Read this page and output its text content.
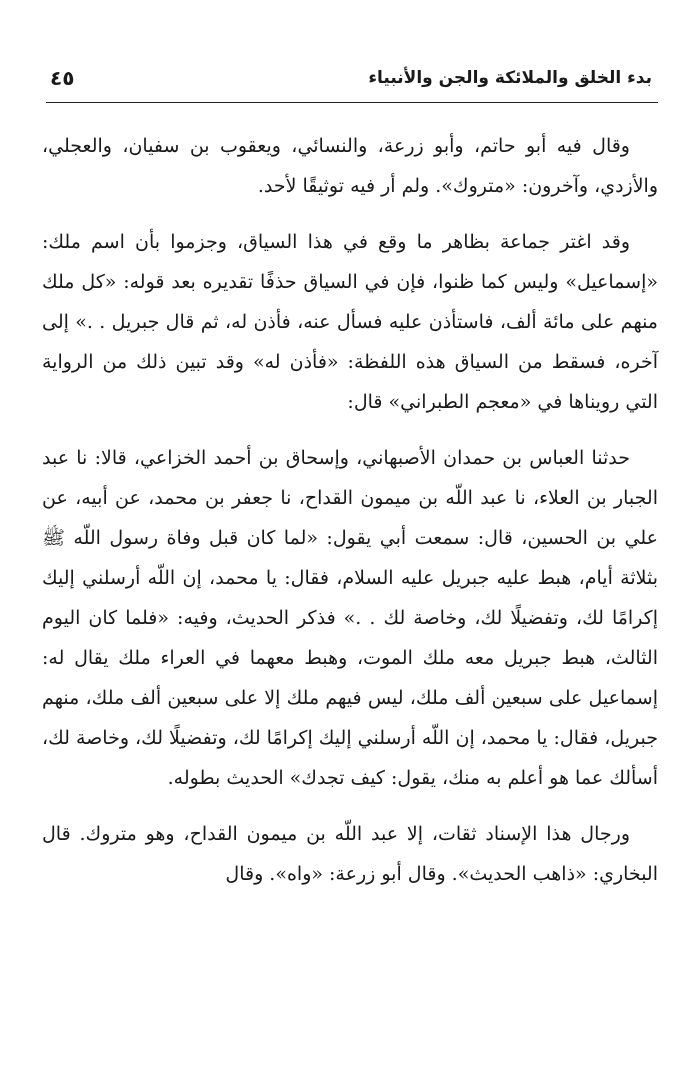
بدء الخلق والملائكة والجن والأنبياء
٤٥

وقال فيه أبو حاتم، وأبو زرعة، والنسائي، ويعقوب بن سفيان، والعجلي، والأزدي، وآخرون: «متروك». ولم أر فيه توثيقًا لأحد.

وقد اغتر جماعة بظاهر ما وقع في هذا السياق، وجزموا بأن اسم ملك: «إسماعيل» وليس كما ظنوا، فإن في السياق حذفًا تقديره بعد قوله: «كل ملك منهم على مائة ألف، فاستأذن عليه فسأل عنه، فأذن له، ثم قال جبريل . .» إلى آخره، فسقط من السياق هذه اللفظة: «فأذن له» وقد تبين ذلك من الرواية التي رويناها في «معجم الطبراني» قال:

حدثنا العباس بن حمدان الأصبهاني، وإسحاق بن أحمد الخزاعي، قالا: نا عبد الجبار بن العلاء، نا عبد اللّه بن ميمون القداح، نا جعفر بن محمد، عن أبيه، عن علي بن الحسين، قال: سمعت أبي يقول: «لما كان قبل وفاة رسول اللّه ﷺ بثلاثة أيام، هبط عليه جبريل عليه السلام، فقال: يا محمد، إن اللّه أرسلني إليك إكرامًا لك، وتفضيلًا لك، وخاصة لك . .» فذكر الحديث، وفيه: «فلما كان اليوم الثالث، هبط جبريل معه ملك الموت، وهبط معهما في العراء ملك يقال له: إسماعيل على سبعين ألف ملك، ليس فيهم ملك إلا على سبعين ألف ملك، منهم جبريل، فقال: يا محمد، إن اللّه أرسلني إليك إكرامًا لك، وتفضيلًا لك، وخاصة لك، أسألك عما هو أعلم به منك، يقول: كيف تجدك» الحديث بطوله.

ورجال هذا الإسناد ثقات، إلا عبد اللّه بن ميمون القداح، وهو متروك. قال البخاري: «ذاهب الحديث». وقال أبو زرعة: «واه». وقال
